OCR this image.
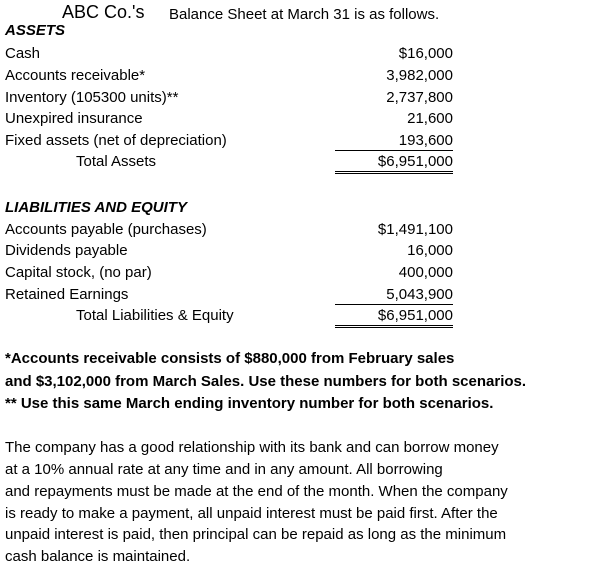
ABC Co.'s Balance Sheet at March 31 is as follows.
ASSETS
Cash	$16,000
Accounts receivable*	3,982,000
Inventory (105300 units)**	2,737,800
Unexpired insurance	21,600
Fixed assets (net of depreciation)	193,600
Total Assets	$6,951,000
LIABILITIES AND EQUITY
Accounts payable (purchases)	$1,491,100
Dividends payable	16,000
Capital stock, (no par)	400,000
Retained Earnings	5,043,900
Total Liabilities & Equity	$6,951,000
*Accounts receivable consists of $880,000 from February sales
and $3,102,000 from March Sales. Use these numbers for both scenarios.
** Use this same March ending inventory number for both scenarios.
The company has a good relationship with its bank and can borrow money
at a 10% annual rate at any time and in any amount. All borrowing
and repayments must be made at the end of the month. When the company
is ready to make a payment, all unpaid interest must be paid first. After the
unpaid interest is paid, then principal can be repaid as long as the minimum
cash balance is maintained.
